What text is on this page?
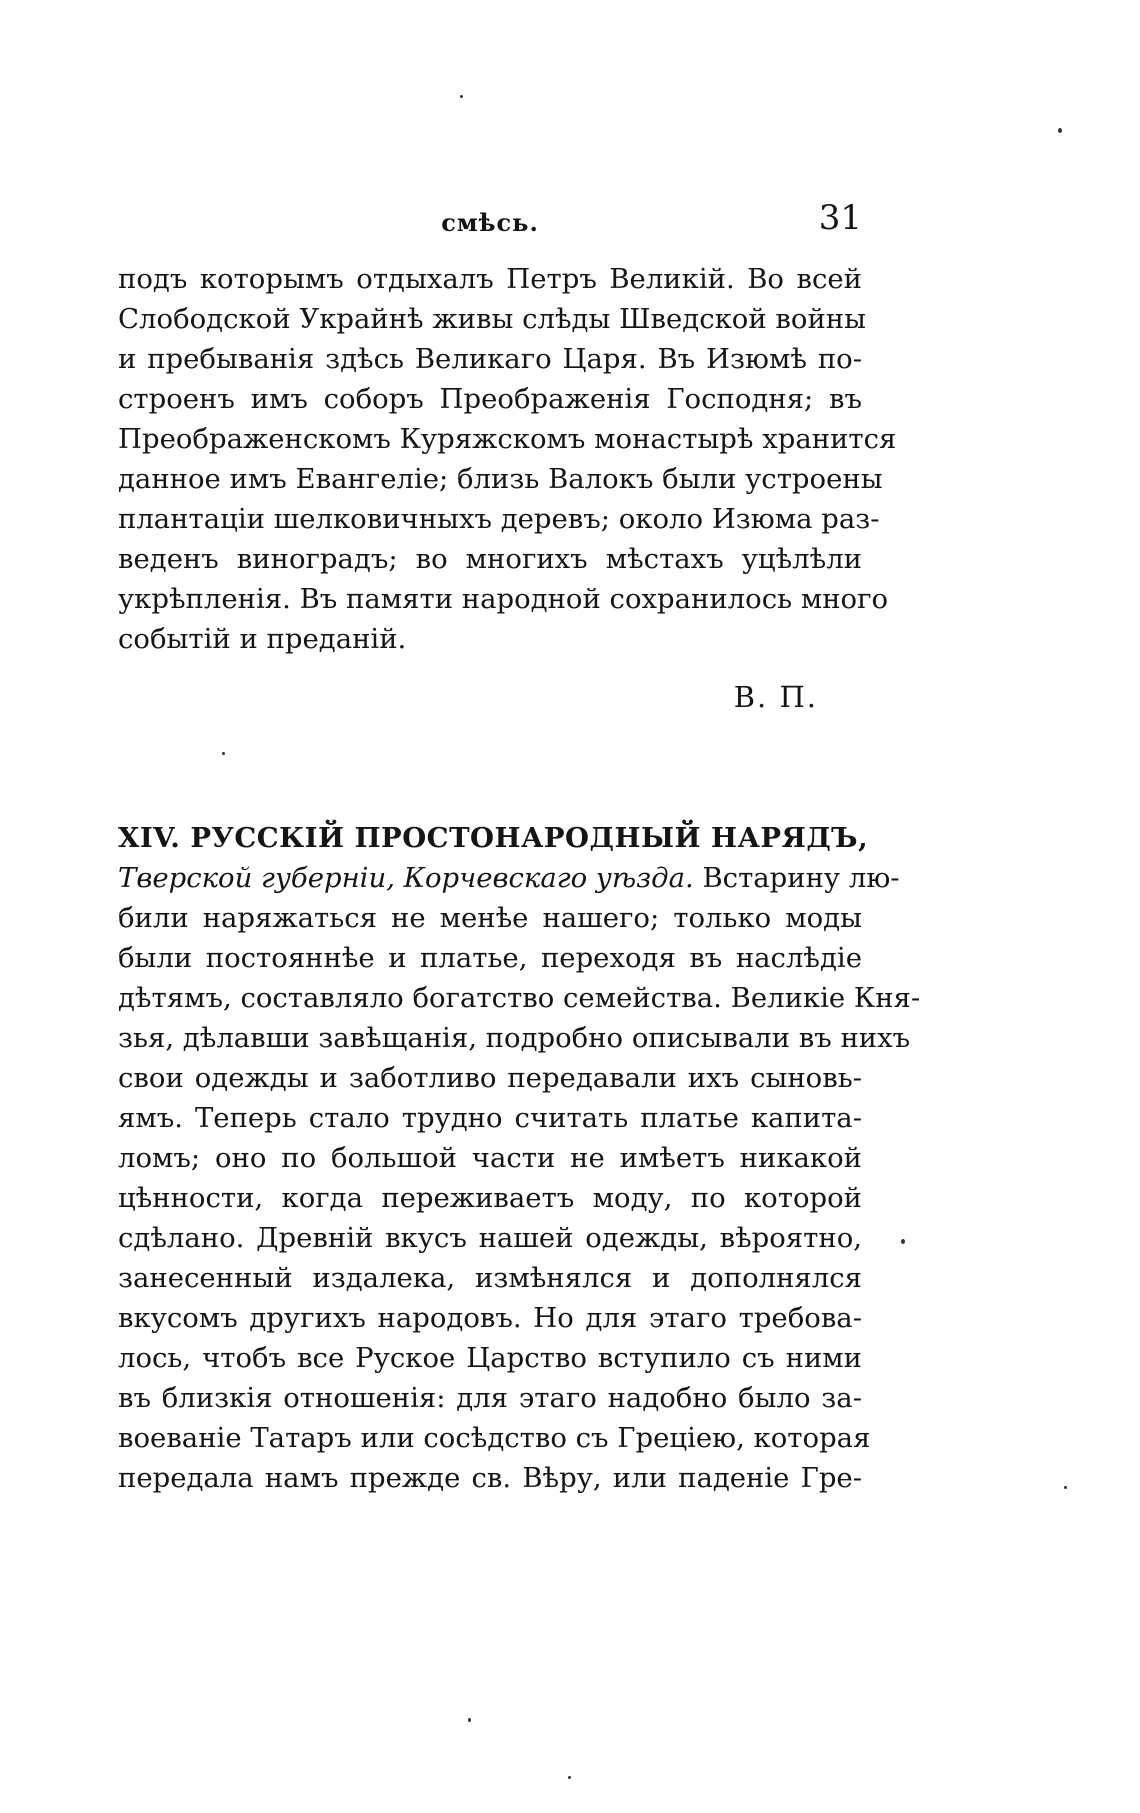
смѣсь.	31
подъ которымъ отдыхалъ Петръ Великій. Во всей
Слободской Украйнѣ живы слѣды Шведской войны
и пребыванія здѣсь Великаго Царя. Въ Изюмѣ по-
строенъ имъ соборъ Преображенія Господня; въ
Преображенскомъ Куряжскомъ монастырѣ хранится
данное имъ Евангеліе; близь Валокъ были устроены
плантаціи шелковичныхъ деревъ; около Изюма раз-
веденъ виноградъ; во многихъ мѣстахъ уцѣлѣли
укрѣпленія. Въ памяти народной сохранилось много
событій и преданій.
В. П.
XIV. РУССКІЙ ПРОСТОНАРОДНЫЙ НАРЯДЪ,
Тверской губерніи, Корчевскаго уѣзда. Встарину лю-
били наряжаться не менѣе нашего; только моды
были постояннѣе и платье, переходя въ наслѣдіе
дѣтямъ, составляло богатство семейства. Великіе Кня-
зья, дѣлавши завѣщанія, подробно описывали въ нихъ
свои одежды и заботливо передавали ихъ сыновь-
ямъ. Теперь стало трудно считать платье капита-
ломъ; оно по большой части не имѣетъ никакой
цѣнности, когда переживаетъ моду, по которой
сдѣлано. Древній вкусъ нашей одежды, вѣроятно,
занесенный издалека, измѣнялся и дополнялся
вкусомъ другихъ народовъ. Но для этаго требова-
лось, чтобъ все Руское Царство вступило съ ними
въ близкія отношенія: для этаго надобно было за-
воеваніе Татаръ или сосѣдство съ Греціею, которая
передала намъ прежде св. Вѣру, или паденіе Гре-
